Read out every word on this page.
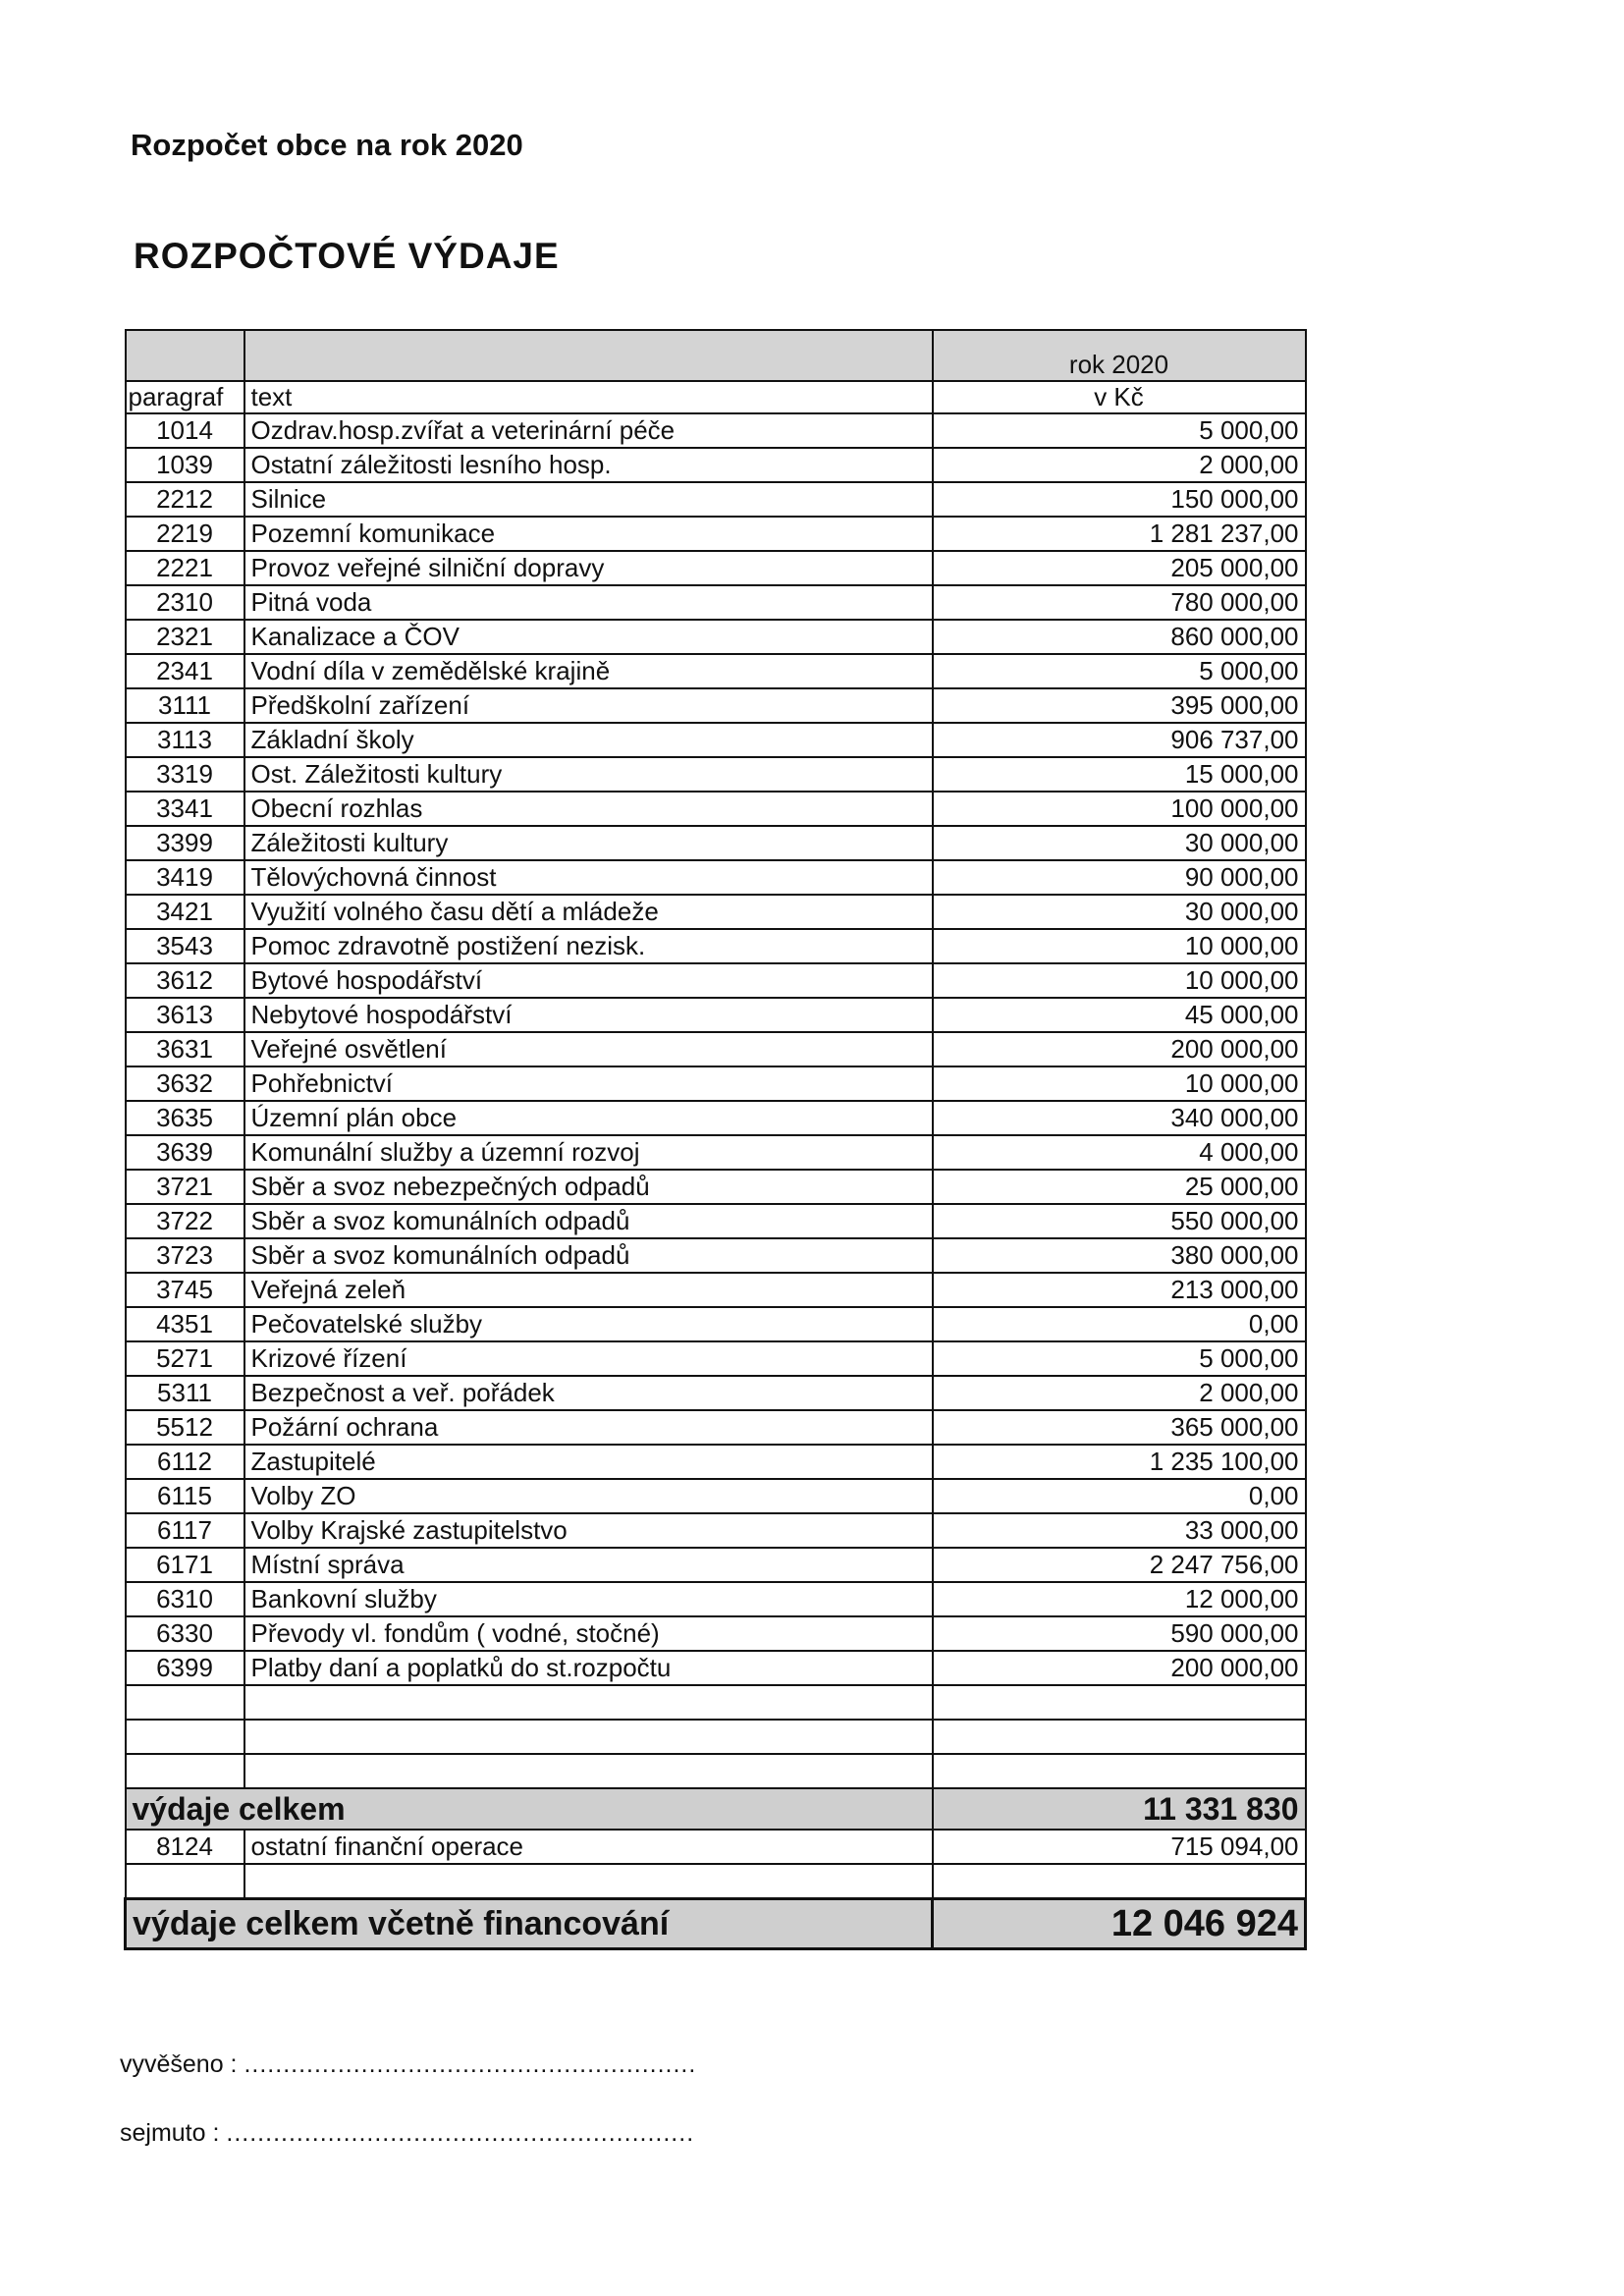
Rozpočet obce na rok 2020
ROZPOČTOVÉ VÝDAJE
		rok 2020
paragraf	text	v Kč
1014	Ozdrav.hosp.zvířat a veterinární péče	5 000,00
1039	Ostatní záležitosti lesního hosp.	2 000,00
2212	Silnice	150 000,00
2219	Pozemní komunikace	1 281 237,00
2221	Provoz veřejné silniční dopravy	205 000,00
2310	Pitná voda	780 000,00
2321	Kanalizace a ČOV	860 000,00
2341	Vodní díla v zemědělské krajině	5 000,00
3111	Předškolní zařízení	395 000,00
3113	Základní školy	906 737,00
3319	Ost. Záležitosti kultury	15 000,00
3341	Obecní rozhlas	100 000,00
3399	Záležitosti kultury	30 000,00
3419	Tělovýchovná činnost	90 000,00
3421	Využití volného času dětí a mládeže	30 000,00
3543	Pomoc zdravotně postižení nezisk.	10 000,00
3612	Bytové hospodářství	10 000,00
3613	Nebytové hospodářství	45 000,00
3631	Veřejné osvětlení	200 000,00
3632	Pohřebnictví	10 000,00
3635	Územní plán obce	340 000,00
3639	Komunální služby a územní rozvoj	4 000,00
3721	Sběr a svoz nebezpečných odpadů	25 000,00
3722	Sběr a svoz komunálních odpadů	550 000,00
3723	Sběr a svoz komunálních odpadů	380 000,00
3745	Veřejná zeleň	213 000,00
4351	Pečovatelské služby	0,00
5271	Krizové řízení	5 000,00
5311	Bezpečnost a veř. pořádek	2 000,00
5512	Požární ochrana	365 000,00
6112	Zastupitelé	1 235 100,00
6115	Volby ZO	0,00
6117	Volby Krajské zastupitelstvo	33 000,00
6171	Místní správa	2 247 756,00
6310	Bankovní služby	12 000,00
6330	Převody vl. fondům ( vodné, stočné)	590 000,00
6399	Platby daní a poplatků do st.rozpočtu	200 000,00

výdaje celkem		11 331 830
8124	ostatní finanční operace	715 094,00

výdaje celkem včetně financování		12 046 924
vyvěšeno : ..........................................................
sejmuto : ............................................................
